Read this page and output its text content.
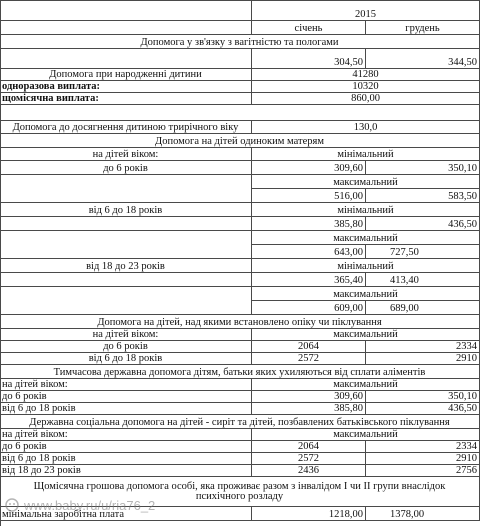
2015
січень	грудень
Допомога у зв'язку з вагітністю та пологами
304,50	344,50
Допомога при народженні дитини	41280
одноразова виплата:	10320
щомісячна виплата:	860,00
Допомога до досягнення дитиною трирічного віку	130,0
Допомога на дітей одиноким матерям
на дітей віком:	мінімальний
до 6 років	309,60	350,10
максимальний
516,00	583,50
від 6 до 18 років	мінімальний
385,80	436,50
максимальний
643,00	727,50
від 18 до 23 років	мінімальний
365,40	413,40
максимальний
609,00	689,00
Допомога на дітей, над якими встановлено опіку чи піклування
на дітей віком:	максимальний
до 6 років	2064	2334
від 6 до 18 років	2572	2910
Тимчасова державна допомога дітям, батьки яких ухиляються від сплати аліментів
на дітей віком:	максимальний
до 6 років	309,60	350,10
від 6 до 18 років	385,80	436,50
Державна соціальна допомога на дітей - сиріт та дітей, позбавлених батьківського піклування
на дітей віком:	максимальний
до 6 років	2064	2334
від 6 до 18 років	2572	2910
від 18 до 23 років	2436	2756
Щомісячна грошова допомога особі, яка проживає разом з інвалідом I чи II групи внаслідок психічного розладу
мінімальна заробітна плата	1218,00	1378,00
www.baby.ru/u/ria76_2
